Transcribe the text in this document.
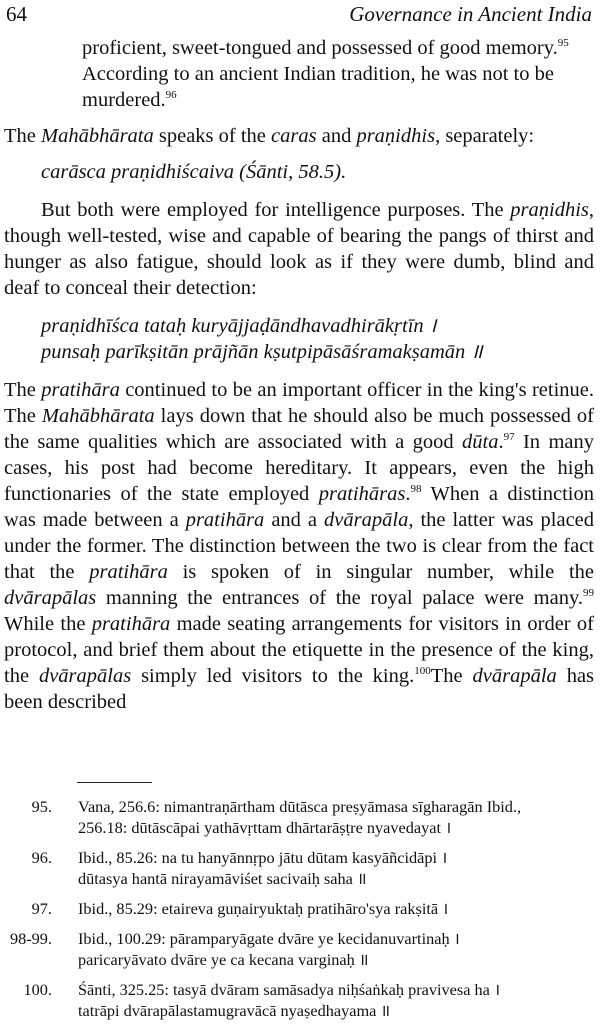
64	Governance in Ancient India

proficient, sweet-tongued and possessed of good memory.$^{95}$
According to an ancient Indian tradition, he was not to be
murdered.$^{96}$

The Mahābhārata speaks of the caras and praṇidhis, separately:

carāsca praṇidhiścaiva (Śānti, 58.5).

But both were employed for intelligence purposes. The praṇidhis, though well-tested, wise and capable of bearing the pangs of thirst and hunger as also fatigue, should look as if they were dumb, blind and deaf to conceal their detection:

praṇidhīśca tataḥ kuryājjaḍāndhavadhirākṛtīn ।
punsaḥ parīkṣitān prājñān kṣutpipāsāśramakṣamān ॥

The pratihāra continued to be an important officer in the king's retinue. The Mahābhārata lays down that he should also be much possessed of the same qualities which are associated with a good dūta.$^{97}$ In many cases, his post had become hereditary. It appears, even the high functionaries of the state employed pratihāras.$^{98}$ When a distinction was made between a pratihāra and a dvārapāla, the latter was placed under the former. The distinction between the two is clear from the fact that the pratihāra is spoken of in singular number, while the dvārapālas manning the entrances of the royal palace were many.$^{99}$ While the pratihāra made seating arrangements for visitors in order of protocol, and brief them about the etiquette in the presence of the king, the dvārapālas simply led visitors to the king.$^{100}$The dvārapāla has been described

95.	Vana, 256.6: nimantraṇārtham dūtāsca preṣyāmasa sīgharagān Ibid.,
256.18: dūtāscāpai yathāvṛttam dhārtarāṣṭre nyavedayat ।
96.	Ibid., 85.26: na tu hanyānnṛpo jātu dūtam kasyāñcidāpi ।
dūtasya hantā nirayamāviśet sacivaiḥ saha ॥
97.	Ibid., 85.29: etaireva guṇairyuktaḥ pratihāro'sya rakṣitā ।
98-99.	Ibid., 100.29: pāramparyāgate dvāre ye kecidanuvartinaḥ ।
paricaryāvato dvāre ye ca kecana varginaḥ ॥
100.	Śānti, 325.25: tasyā dvāram samāsadya niḥśaṅkaḥ pravivesa ha ।
tatrāpi dvārapālastamugravācā nyaṣedhayama ॥
